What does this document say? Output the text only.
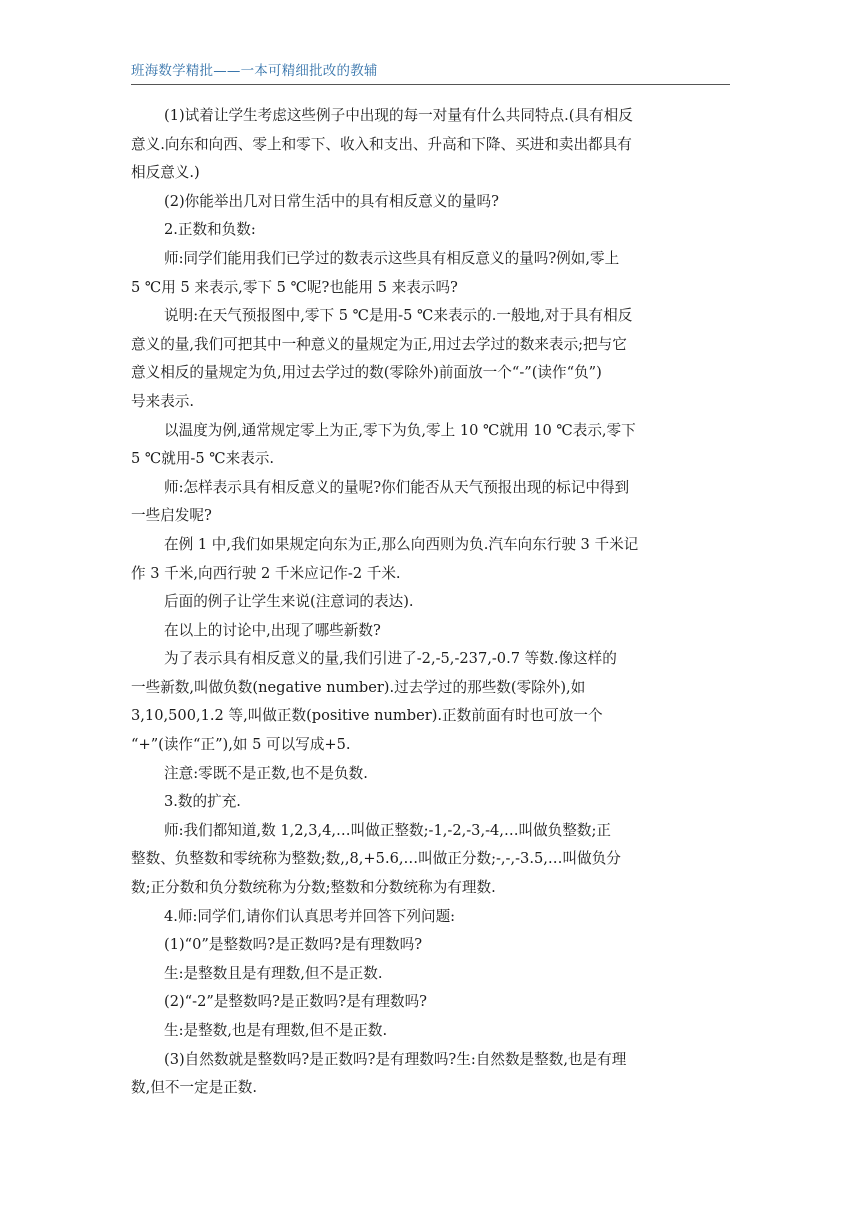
班海数学精批——一本可精细批改的教辅
(1)试着让学生考虑这些例子中出现的每一对量有什么共同特点.(具有相反
意义.向东和向西、零上和零下、收入和支出、升高和下降、买进和卖出都具有
相反意义.)
(2)你能举出几对日常生活中的具有相反意义的量吗?
2.正数和负数:
师:同学们能用我们已学过的数表示这些具有相反意义的量吗?例如,零上
5 ℃用 5 来表示,零下 5 ℃呢?也能用 5 来表示吗?
说明:在天气预报图中,零下 5 ℃是用-5 ℃来表示的.一般地,对于具有相反
意义的量,我们可把其中一种意义的量规定为正,用过去学过的数来表示;把与它
意义相反的量规定为负,用过去学过的数(零除外)前面放一个“-”(读作“负”)
号来表示.
以温度为例,通常规定零上为正,零下为负,零上 10 ℃就用 10 ℃表示,零下
5 ℃就用-5 ℃来表示.
师:怎样表示具有相反意义的量呢?你们能否从天气预报出现的标记中得到
一些启发呢?
在例 1 中,我们如果规定向东为正,那么向西则为负.汽车向东行驶 3 千米记
作 3 千米,向西行驶 2 千米应记作-2 千米.
后面的例子让学生来说(注意词的表达).
在以上的讨论中,出现了哪些新数?
为了表示具有相反意义的量,我们引进了-2,-5,-237,-0.7 等数.像这样的
一些新数,叫做负数(negative number).过去学过的那些数(零除外),如
3,10,500,1.2 等,叫做正数(positive number).正数前面有时也可放一个
“+”(读作“正”),如 5 可以写成+5.
注意:零既不是正数,也不是负数.
3.数的扩充.
师:我们都知道,数 1,2,3,4,…叫做正整数;-1,-2,-3,-4,…叫做负整数;正
整数、负整数和零统称为整数;数,,8,+5.6,…叫做正分数;-,-,-3.5,…叫做负分
数;正分数和负分数统称为分数;整数和分数统称为有理数.
4.师:同学们,请你们认真思考并回答下列问题:
(1)“0”是整数吗?是正数吗?是有理数吗?
生:是整数且是有理数,但不是正数.
(2)“-2”是整数吗?是正数吗?是有理数吗?
生:是整数,也是有理数,但不是正数.
(3)自然数就是整数吗?是正数吗?是有理数吗?生:自然数是整数,也是有理
数,但不一定是正数.
